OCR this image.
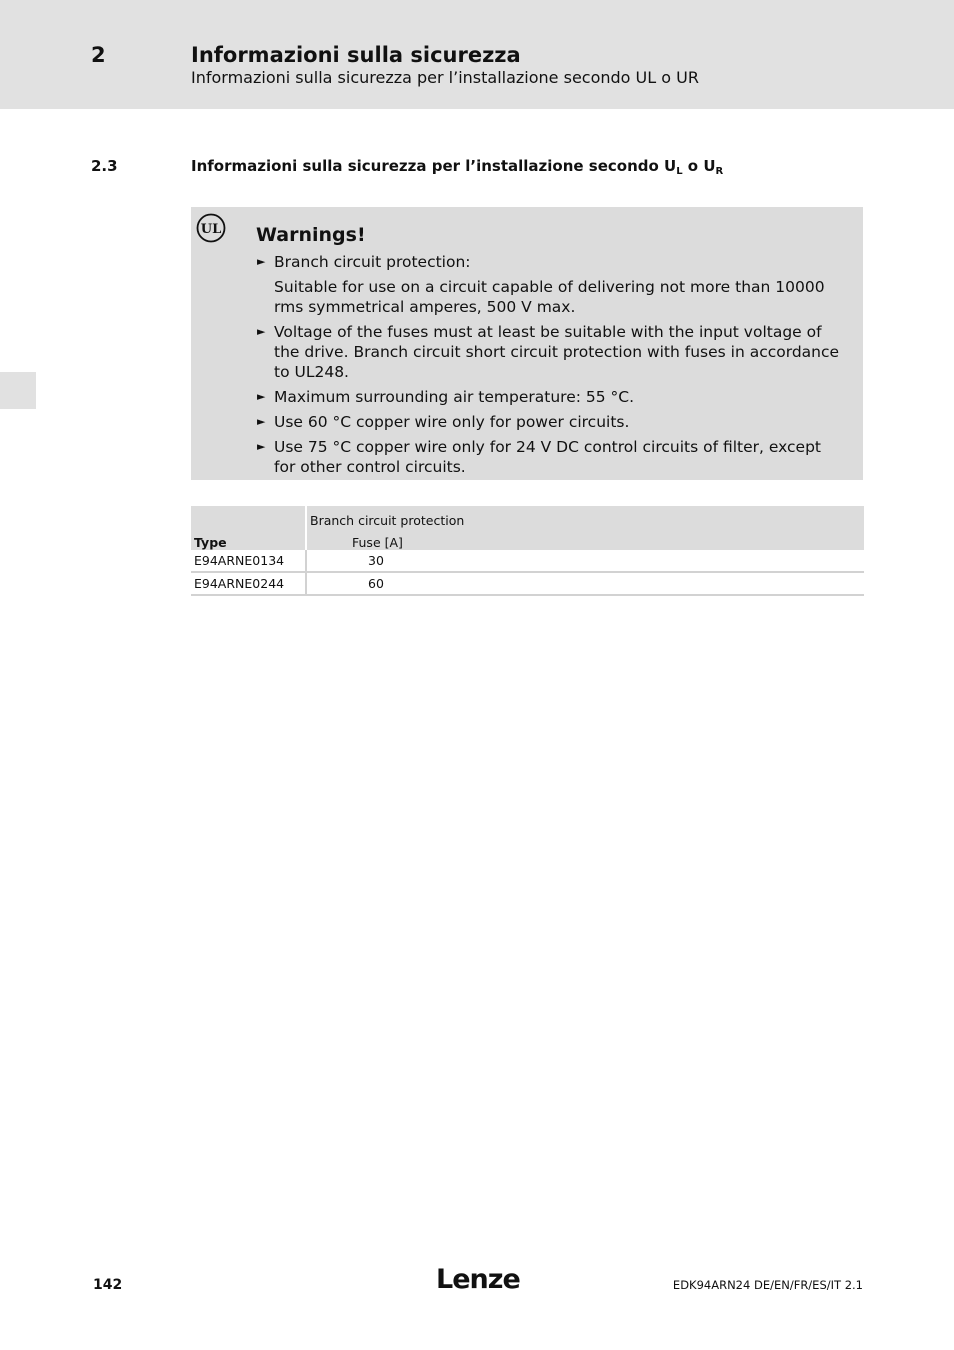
2	Informazioni sulla sicurezza
Informazioni sulla sicurezza per l’installazione secondo UL o UR
2.3	Informazioni sulla sicurezza per l’installazione secondo $U_L$ o $U_R$
UL Warnings!
► Branch circuit protection:
Suitable for use on a circuit capable of delivering not more than 10000 rms symmetrical amperes, 500 V max.
► Voltage of the fuses must at least be suitable with the input voltage of the drive. Branch circuit short circuit protection with fuses in accordance to UL248.
► Maximum surrounding air temperature: 55 °C.
► Use 60 °C copper wire only for power circuits.
► Use 75 °C copper wire only for 24 V DC control circuits of filter, except for other control circuits.
	Branch circuit protection
Type	Fuse [A]
E94ARNE0134	30
E94ARNE0244	60
142	Lenze	EDK94ARN24 DE/EN/FR/ES/IT 2.1
